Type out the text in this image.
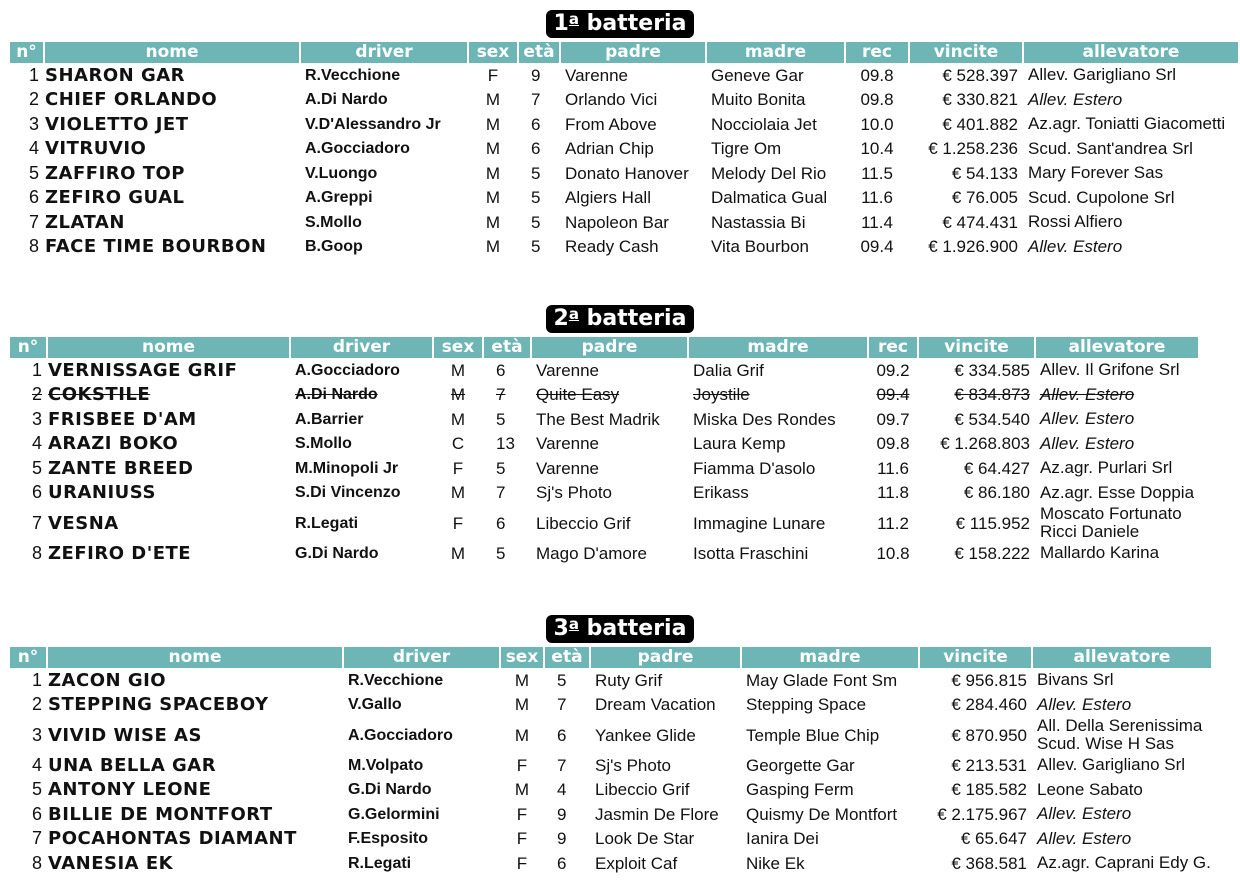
1$^a$ batteria
n°	nome	driver	sex	età	padre	madre	rec	vincite	allevatore
1	SHARON GAR	R.Vecchione	F	9	Varenne	Geneve Gar	09.8	€ 528.397	Allev. Garigliano Srl

2	CHIEF ORLANDO	A.Di Nardo	M	7	Orlando Vici	Muito Bonita	09.8	€ 330.821	Allev. Estero

3	VIOLETTO JET	V.D'Alessandro Jr	M	6	From Above	Nocciolaia Jet	10.0	€ 401.882	Az.agr. Toniatti Giacometti

4	VITRUVIO	A.Gocciadoro	M	6	Adrian Chip	Tigre Om	10.4	€ 1.258.236	Scud. Sant'andrea Srl

5	ZAFFIRO TOP	V.Luongo	M	5	Donato Hanover	Melody Del Rio	11.5	€ 54.133	Mary Forever Sas

6	ZEFIRO GUAL	A.Greppi	M	5	Algiers Hall	Dalmatica Gual	11.6	€ 76.005	Scud. Cupolone Srl

7	ZLATAN	S.Mollo	M	5	Napoleon Bar	Nastassia Bi	11.4	€ 474.431	Rossi Alfiero

8	FACE TIME BOURBON	B.Goop	M	5	Ready Cash	Vita Bourbon	09.4	€ 1.926.900	Allev. Estero
2$^a$ batteria
n°	nome	driver	sex	età	padre	madre	rec	vincite	allevatore
1	VERNISSAGE GRIF	A.Gocciadoro	M	6	Varenne	Dalia Grif	09.2	€ 334.585	Allev. Il Grifone Srl

2	COKSTILE	A.Di Nardo	M	7	Quite Easy	Joystile	09.4	€ 834.873	Allev. Estero

3	FRISBEE D'AM	A.Barrier	M	5	The Best Madrik	Miska Des Rondes	09.7	€ 534.540	Allev. Estero

4	ARAZI BOKO	S.Mollo	C	13	Varenne	Laura Kemp	09.8	€ 1.268.803	Allev. Estero

5	ZANTE BREED	M.Minopoli Jr	F	5	Varenne	Fiamma D'asolo	11.6	€ 64.427	Az.agr. Purlari Srl

6	URANIUSS	S.Di Vincenzo	M	7	Sj's Photo	Erikass	11.8	€ 86.180	Az.agr. Esse Doppia

7	VESNA	R.Legati	F	6	Libeccio Grif	Immagine Lunare	11.2	€ 115.952	Moscato Fortunato
Ricci Daniele

8	ZEFIRO D'ETE	G.Di Nardo	M	5	Mago D'amore	Isotta Fraschini	10.8	€ 158.222	Mallardo Karina
3$^a$ batteria
n°	nome	driver	sex	età	padre	madre	vincite	allevatore
1	ZACON GIO	R.Vecchione	M	5	Ruty Grif	May Glade Font Sm	€ 956.815	Bivans Srl

2	STEPPING SPACEBOY	V.Gallo	M	7	Dream Vacation	Stepping Space	€ 284.460	Allev. Estero

3	VIVID WISE AS	A.Gocciadoro	M	6	Yankee Glide	Temple Blue Chip	€ 870.950	All. Della Serenissima
Scud. Wise H Sas

4	UNA BELLA GAR	M.Volpato	F	7	Sj's Photo	Georgette Gar	€ 213.531	Allev. Garigliano Srl

5	ANTONY LEONE	G.Di Nardo	M	4	Libeccio Grif	Gasping Ferm	€ 185.582	Leone Sabato

6	BILLIE DE MONTFORT	G.Gelormini	F	9	Jasmin De Flore	Quismy De Montfort	€ 2.175.967	Allev. Estero

7	POCAHONTAS DIAMANT	F.Esposito	F	9	Look De Star	Ianira Dei	€ 65.647	Allev. Estero

8	VANESIA EK	R.Legati	F	6	Exploit Caf	Nike Ek	€ 368.581	Az.agr. Caprani Edy G.
